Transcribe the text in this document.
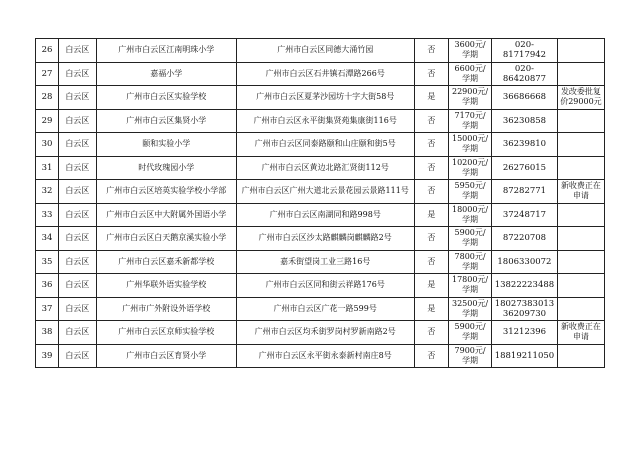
26	白云区	广州市白云区江南明珠小学	广州市白云区同德大涌竹园	否	3600元/学期	020-81717942	
27	白云区	嘉福小学	广州市白云区石井镇石潭路266号	否	6600元/学期	020-86420877	
28	白云区	广州市白云区实验学校	广州市白云区夏茅沙园坊十字大街58号	是	22900元/学期	36686668	发改委批复价29000元
29	白云区	广州市白云区集贤小学	广州市白云区永平街集贤苑集康街116号	否	7170元/学期	36230858	
30	白云区	颐和实验小学	广州市白云区同泰路颐和山庄颐和街5号	否	15000元/学期	36239810	
31	白云区	时代玫瑰园小学	广州市白云区黄边北路汇贤街112号	否	10200元/学期	26276015	
32	白云区	广州市白云区培英实验学校小学部	广州市白云区广州大道北云景花园云景路111号	否	5950元/学期	87282771	新收费正在申请
33	白云区	广州市白云区中大附属外国语小学	广州市白云区南湖同和路998号	是	18000元/学期	37248717	
34	白云区	广州市白云区白天鹅京溪实验小学	广州市白云区沙太路麒麟岗麒麟路2号	否	5900元/学期	87220708	
35	白云区	广州市白云区嘉禾新都学校	嘉禾街望岗工业三路16号	否	7800元/学期	1806330072	
36	白云区	广州华联外语实验学校	广州市白云区同和街云祥路176号	是	17800元/学期	13822223488	
37	白云区	广州市广外附设外语学校	广州市白云区广花一路599号	是	32500元/学期	18027383013 36209730	
38	白云区	广州市白云区京师实验学校	广州市白云区均禾街罗岗村罗新南路2号	否	5900元/学期	31212396	新收费正在申请
39	白云区	广州市白云区育贤小学	广州市白云区永平街永泰新村南庄8号	否	7900元/学期	18819211050	
